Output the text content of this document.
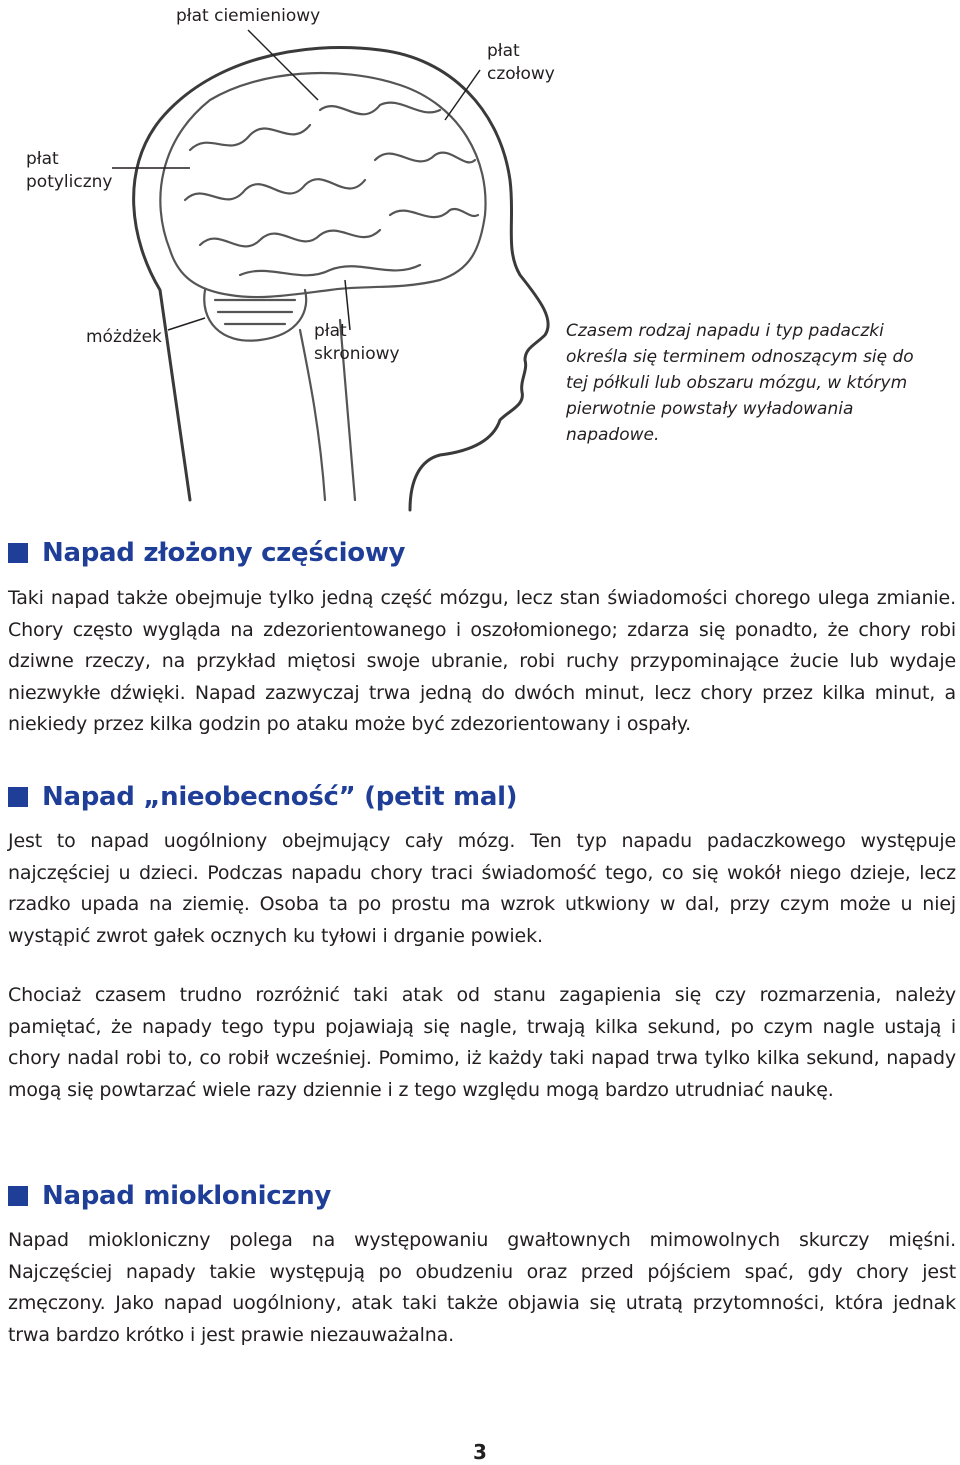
płat ciemieniowy
płat
czołowy
płat
potyliczny
móżdżek	płat
skroniowy
Czasem rodzaj napadu i typ padaczki określa się terminem odnoszącym się do tej półkuli lub obszaru mózgu, w którym pierwotnie powstały wyładowania napadowe.
Napad złożony częściowy
Taki napad także obejmuje tylko jedną część mózgu, lecz stan świadomości chorego ulega zmianie. Chory często wygląda na zdezorientowanego i oszołomionego; zdarza się ponadto, że chory robi dziwne rzeczy, na przykład miętosi swoje ubranie, robi ruchy przypominające żucie lub wydaje niezwykłe dźwięki. Napad zazwyczaj trwa jedną do dwóch minut, lecz chory przez kilka minut, a niekiedy przez kilka godzin po ataku może być zdezorientowany i ospały.
Napad „nieobecność” (petit mal)
Jest to napad uogólniony obejmujący cały mózg. Ten typ napadu padaczkowego występuje najczęściej u dzieci. Podczas napadu chory traci świadomość tego, co się wokół niego dzieje, lecz rzadko upada na ziemię. Osoba ta po prostu ma wzrok utkwiony w dal, przy czym może u niej wystąpić zwrot gałek ocznych ku tyłowi i drganie powiek.
Chociaż czasem trudno rozróżnić taki atak od stanu zagapienia się czy rozmarzenia, należy pamiętać, że napady tego typu pojawiają się nagle, trwają kilka sekund, po czym nagle ustają i chory nadal robi to, co robił wcześniej. Pomimo, iż każdy taki napad trwa tylko kilka sekund, napady mogą się powtarzać wiele razy dziennie i z tego względu mogą bardzo utrudniać naukę.
Napad miokloniczny
Napad miokloniczny polega na występowaniu gwałtownych mimowolnych skurczy mięśni. Najczęściej napady takie występują po obudzeniu oraz przed pójściem spać, gdy chory jest zmęczony. Jako napad uogólniony, atak taki także objawia się utratą przytomności, która jednak trwa bardzo krótko i jest prawie niezauważalna.
3
